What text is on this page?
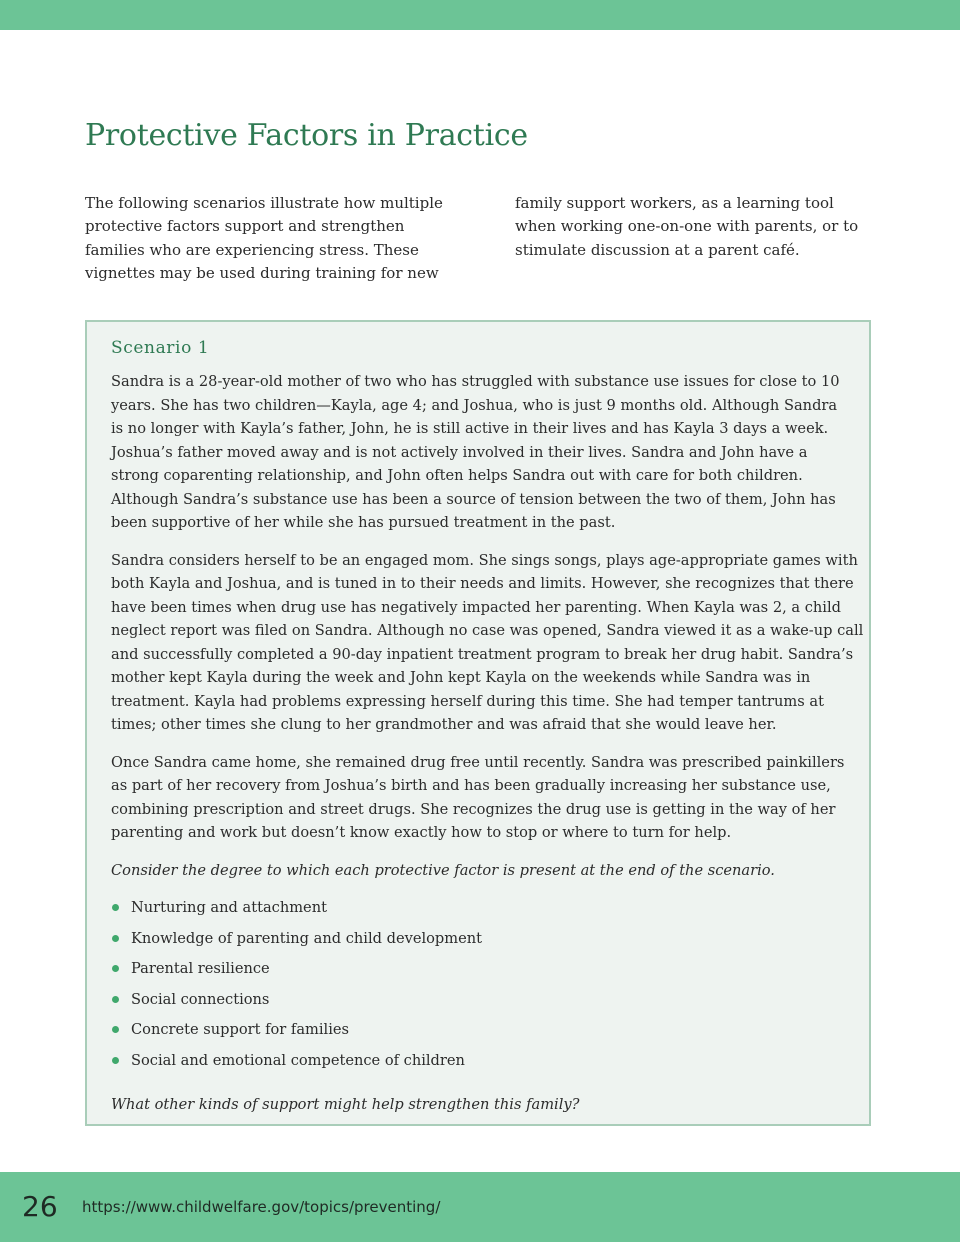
Protective Factors in Practice
The following scenarios illustrate how multiple
protective factors support and strengthen
families who are experiencing stress. These
vignettes may be used during training for new
family support workers, as a learning tool
when working one-on-one with parents, or to
stimulate discussion at a parent café.
Scenario 1

Sandra is a 28-year-old mother of two who has struggled with substance use issues for close to 10
years. She has two children—Kayla, age 4; and Joshua, who is just 9 months old. Although Sandra
is no longer with Kayla’s father, John, he is still active in their lives and has Kayla 3 days a week.
Joshua’s father moved away and is not actively involved in their lives. Sandra and John have a
strong coparenting relationship, and John often helps Sandra out with care for both children.
Although Sandra’s substance use has been a source of tension between the two of them, John has
been supportive of her while she has pursued treatment in the past.

Sandra considers herself to be an engaged mom. She sings songs, plays age-appropriate games with
both Kayla and Joshua, and is tuned in to their needs and limits. However, she recognizes that there
have been times when drug use has negatively impacted her parenting. When Kayla was 2, a child
neglect report was filed on Sandra. Although no case was opened, Sandra viewed it as a wake-up call
and successfully completed a 90-day inpatient treatment program to break her drug habit. Sandra’s
mother kept Kayla during the week and John kept Kayla on the weekends while Sandra was in
treatment. Kayla had problems expressing herself during this time. She had temper tantrums at
times; other times she clung to her grandmother and was afraid that she would leave her.

Once Sandra came home, she remained drug free until recently. Sandra was prescribed painkillers
as part of her recovery from Joshua’s birth and has been gradually increasing her substance use,
combining prescription and street drugs. She recognizes the drug use is getting in the way of her
parenting and work but doesn’t know exactly how to stop or where to turn for help.

Consider the degree to which each protective factor is present at the end of the scenario.

Nurturing and attachment
Knowledge of parenting and child development
Parental resilience
Social connections
Concrete support for families
Social and emotional competence of children

What other kinds of support might help strengthen this family?

26 https://www.childwelfare.gov/topics/preventing/
